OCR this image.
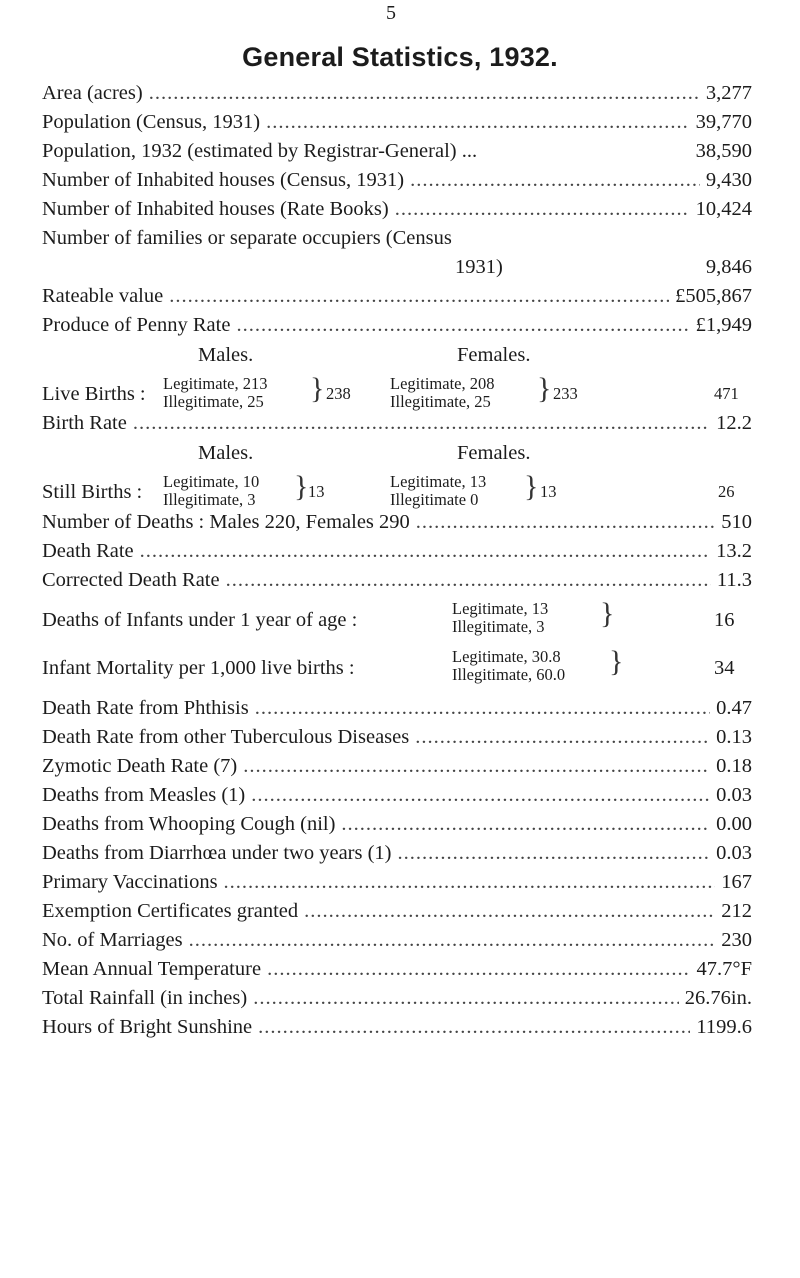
5
General Statistics, 1932.
Area (acres) .....	3,277
Population (Census, 1931) .....	39,770
Population, 1932 (estimated by Registrar-General) ...	38,590
Number of Inhabited houses (Census, 1931) .....	9,430
Number of Inhabited houses (Rate Books) .....	10,424
Number of families or separate occupiers (Census
1931)	9,846
Rateable value .....	£505,867
Produce of Penny Rate .....	£1,949
Males.	Females.
Live Births : Legitimate, 213
Illegitimate, 25 } 238
Legitimate, 208
Illegitimate, 25 } 233	471
Birth Rate .....	12.2
Males.	Females.
Still Births : Legitimate, 10
Illegitimate, 3 } 13
Legitimate, 13
Illegitimate 0 } 13	26
Number of Deaths : Males 220, Females 290 .....	510
Death Rate .....	13.2
Corrected Death Rate .....	11.3
Deaths of Infants under 1 year of age :
Legitimate, 13
Illegitimate, 3 }	16
Infant Mortality per 1,000 live births :
Legitimate, 30.8
Illegitimate, 60.0 }	34
Death Rate from Phthisis .....	0.47
Death Rate from other Tuberculous Diseases .....	0.13
Zymotic Death Rate (7) .....	0.18
Deaths from Measles (1) .....	0.03
Deaths from Whooping Cough (nil) .....	0.00
Deaths from Diarrhœa under two years (1) .....	0.03
Primary Vaccinations .....	167
Exemption Certificates granted .....	212
No. of Marriages .....	230
Mean Annual Temperature .....	47.7°F
Total Rainfall (in inches) .....	26.76in.
Hours of Bright Sunshine .....	1199.6
